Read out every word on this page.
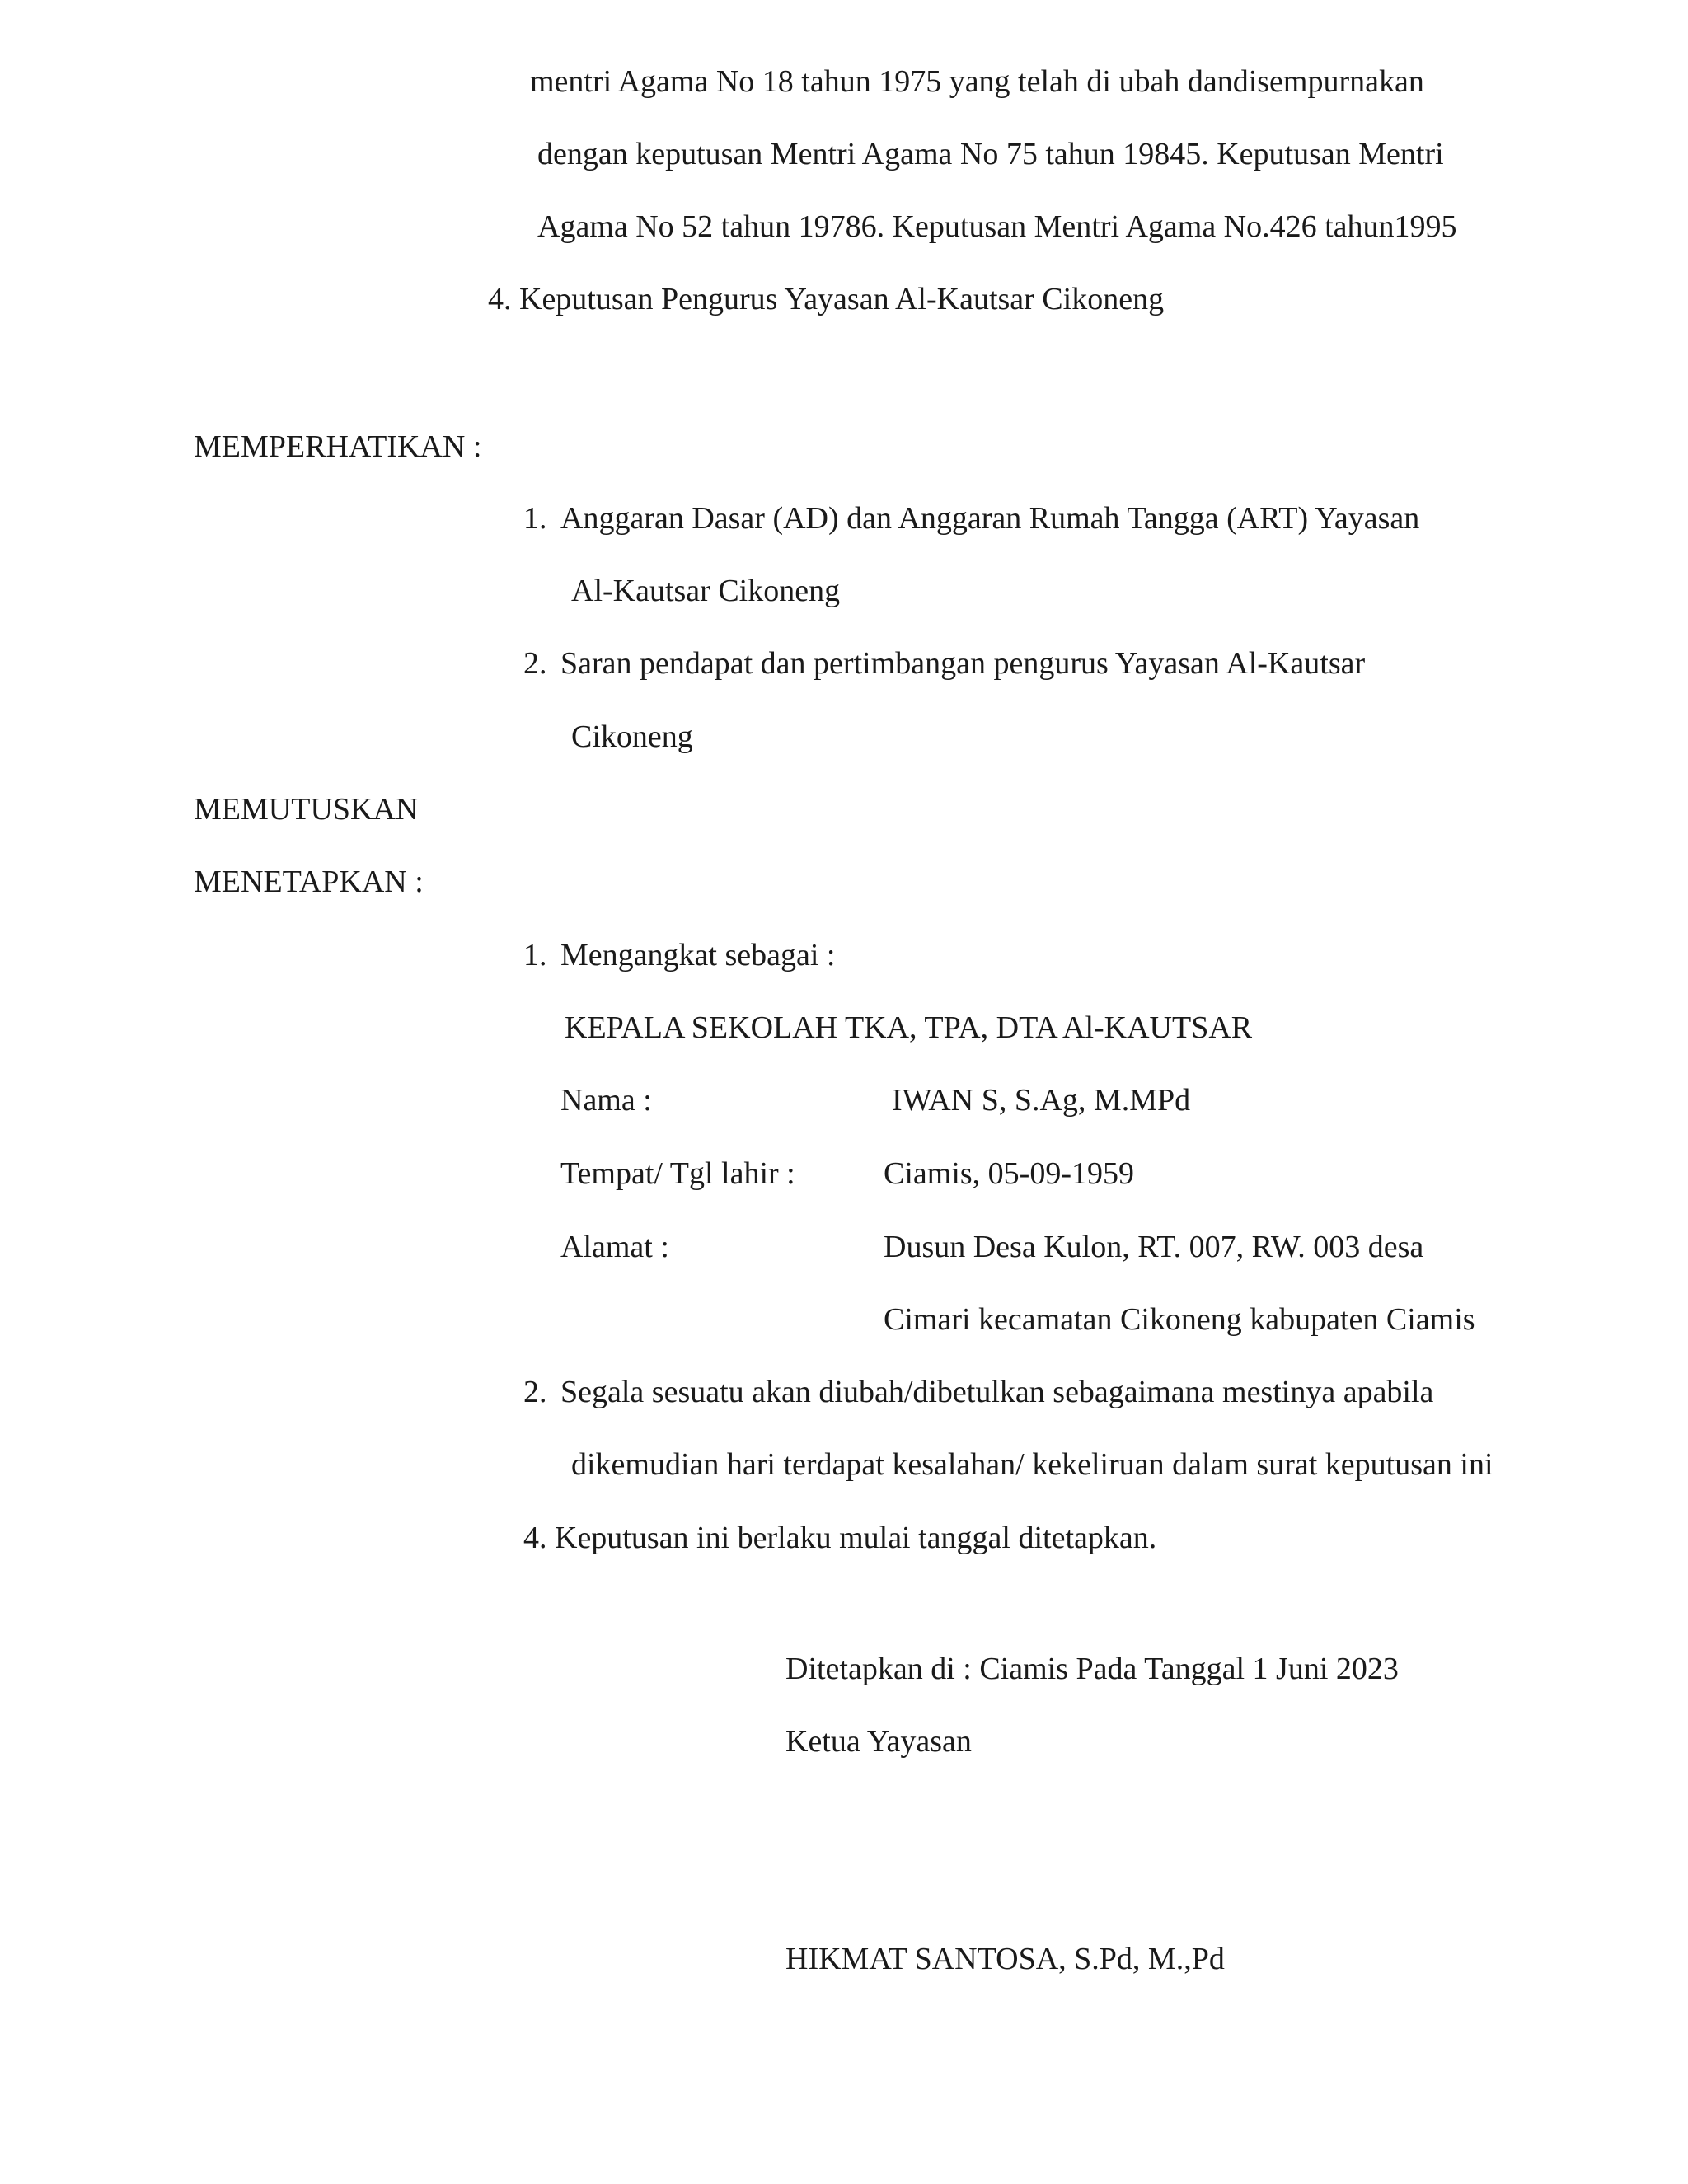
mentri Agama No 18 tahun 1975 yang telah di ubah dandisempurnakan
dengan keputusan Mentri Agama No 75 tahun 19845. Keputusan Mentri
Agama No 52 tahun 19786. Keputusan Mentri Agama No.426 tahun1995
4. Keputusan Pengurus Yayasan Al-Kautsar Cikoneng
MEMPERHATIKAN :
1. Anggaran Dasar (AD) dan Anggaran Rumah Tangga (ART) Yayasan
Al-Kautsar Cikoneng
2. Saran pendapat dan pertimbangan pengurus Yayasan Al-Kautsar
Cikoneng
MEMUTUSKAN
MENETAPKAN :
1. Mengangkat sebagai :
KEPALA SEKOLAH TKA, TPA, DTA Al-KAUTSAR
Nama :	IWAN S, S.Ag, M.MPd
Tempat/ Tgl lahir :	Ciamis, 05-09-1959
Alamat :	Dusun Desa Kulon, RT. 007, RW. 003 desa
Cimari kecamatan Cikoneng kabupaten Ciamis
2. Segala sesuatu akan diubah/dibetulkan sebagaimana mestinya apabila
dikemudian hari terdapat kesalahan/ kekeliruan dalam surat keputusan ini
4. Keputusan ini berlaku mulai tanggal ditetapkan.
Ditetapkan di : Ciamis Pada Tanggal 1 Juni 2023
Ketua Yayasan
HIKMAT SANTOSA, S.Pd, M.,Pd
